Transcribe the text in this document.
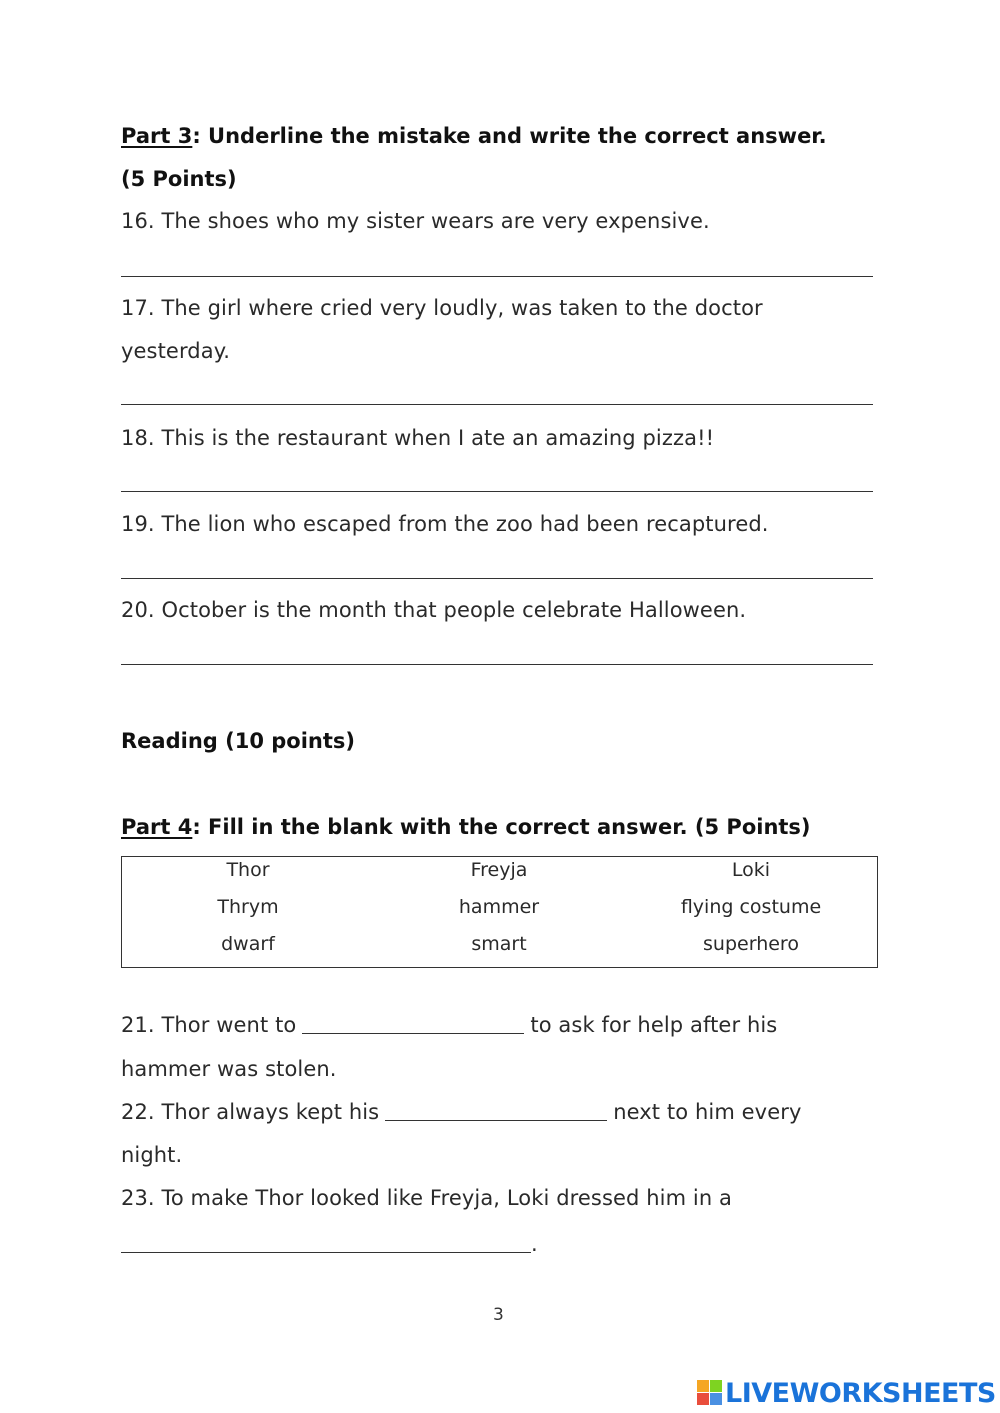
Part 3: Underline the mistake and write the correct answer.
(5 Points)
16. The shoes who my sister wears are very expensive.
17. The girl where cried very loudly, was taken to the doctor
yesterday.
18. This is the restaurant when I ate an amazing pizza!!
19. The lion who escaped from the zoo had been recaptured.
20. October is the month that people celebrate Halloween.
Reading (10 points)
Part 4: Fill in the blank with the correct answer. (5 Points)
Thor	Freyja	Loki
Thrym	hammer	flying costume
dwarf	smart	superhero
21. Thor went to	to ask for help after his
hammer was stolen.
22. Thor always kept his	next to him every
night.
23. To make Thor looked like Freyja, Loki dressed him in a
.
3
LIVEWORKSHEETS
